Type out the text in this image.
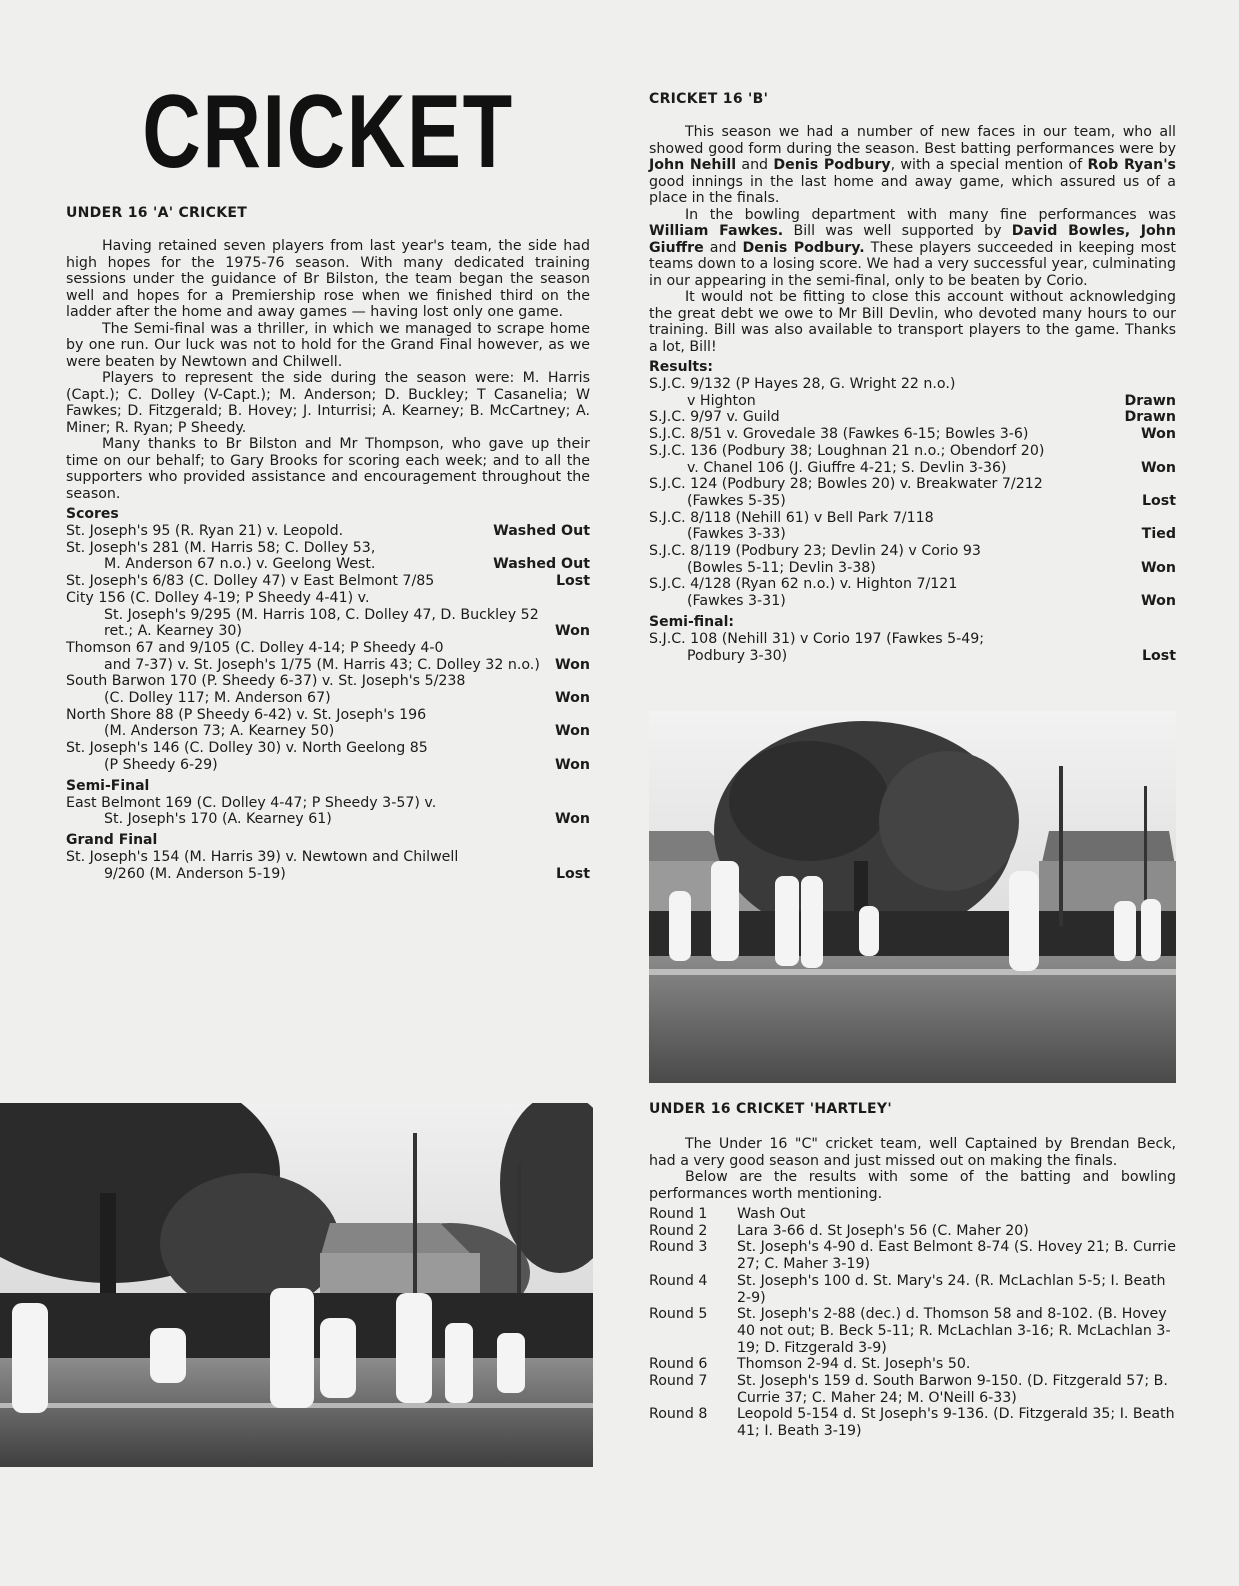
CRICKET
UNDER 16 'A' CRICKET

Having retained seven players from last year's team, the side had high hopes for the 1975-76 season. With many dedicated training sessions under the guidance of Br Bilston, the team began the season well and hopes for a Premiership rose when we finished third on the ladder after the home and away games — having lost only one game.

The Semi-final was a thriller, in which we managed to scrape home by one run. Our luck was not to hold for the Grand Final however, as we were beaten by Newtown and Chilwell.

Players to represent the side during the season were: M. Harris (Capt.); C. Dolley (V-Capt.); M. Anderson; D. Buckley; T Casanelia; W Fawkes; D. Fitzgerald; B. Hovey; J. Inturrisi; A. Kearney; B. McCartney; A. Miner; R. Ryan; P Sheedy.

Many thanks to Br Bilston and Mr Thompson, who gave up their time on our behalf; to Gary Brooks for scoring each week; and to all the supporters who provided assistance and encouragement throughout the season.

Scores
St. Joseph's 95 (R. Ryan 21) v. Leopold.	Washed Out
St. Joseph's 281 (M. Harris 58; C. Dolley 53,
M. Anderson 67 n.o.) v. Geelong West.	Washed Out
St. Joseph's 6/83 (C. Dolley 47) v East Belmont 7/85	Lost
City 156 (C. Dolley 4-19; P Sheedy 4-41) v.
St. Joseph's 9/295 (M. Harris 108, C. Dolley 47, D. Buckley 52 ret.; A. Kearney 30)	Won
Thomson 67 and 9/105 (C. Dolley 4-14; P Sheedy 4-0
and 7-37) v. St. Joseph's 1/75 (M. Harris 43; C. Dolley 32 n.o.)	Won
South Barwon 170 (P. Sheedy 6-37) v. St. Joseph's 5/238
(C. Dolley 117; M. Anderson 67)	Won
North Shore 88 (P Sheedy 6-42) v. St. Joseph's 196
(M. Anderson 73; A. Kearney 50)	Won
St. Joseph's 146 (C. Dolley 30) v. North Geelong 85
(P Sheedy 6-29)	Won
Semi-Final
East Belmont 169 (C. Dolley 4-47; P Sheedy 3-57) v.
St. Joseph's 170 (A. Kearney 61)	Won
Grand Final
St. Joseph's 154 (M. Harris 39) v. Newtown and Chilwell
9/260 (M. Anderson 5-19)	Lost
CRICKET 16 'B'

This season we had a number of new faces in our team, who all showed good form during the season. Best batting performances were by John Nehill and Denis Podbury, with a special mention of Rob Ryan's good innings in the last home and away game, which assured us of a place in the finals.

In the bowling department with many fine performances was William Fawkes. Bill was well supported by David Bowles, John Giuffre and Denis Podbury. These players succeeded in keeping most teams down to a losing score. We had a very successful year, culminating in our appearing in the semi-final, only to be beaten by Corio.

It would not be fitting to close this account without acknowledging the great debt we owe to Mr Bill Devlin, who devoted many hours to our training. Bill was also available to transport players to the game. Thanks a lot, Bill!

Results:
S.J.C. 9/132 (P Hayes 28, G. Wright 22 n.o.)
v Highton	Drawn
S.J.C. 9/97 v. Guild	Drawn
S.J.C. 8/51 v. Grovedale 38 (Fawkes 6-15; Bowles 3-6)	Won
S.J.C. 136 (Podbury 38; Loughnan 21 n.o.; Obendorf 20)
v. Chanel 106 (J. Giuffre 4-21; S. Devlin 3-36)	Won
S.J.C. 124 (Podbury 28; Bowles 20) v. Breakwater 7/212
(Fawkes 5-35)	Lost
S.J.C. 8/118 (Nehill 61) v Bell Park 7/118
(Fawkes 3-33)	Tied
S.J.C. 8/119 (Podbury 23; Devlin 24) v Corio 93
(Bowles 5-11; Devlin 3-38)	Won
S.J.C. 4/128 (Ryan 62 n.o.) v. Highton 7/121
(Fawkes 3-31)	Won
Semi-final:
S.J.C. 108 (Nehill 31) v Corio 197 (Fawkes 5-49;
Podbury 3-30)	Lost
UNDER 16 CRICKET 'HARTLEY'

The Under 16 "C" cricket team, well Captained by Brendan Beck, had a very good season and just missed out on making the finals.

Below are the results with some of the batting and bowling performances worth mentioning.

Round 1	Wash Out
Round 2	Lara 3-66 d. St Joseph's 56 (C. Maher 20)
Round 3	St. Joseph's 4-90 d. East Belmont 8-74 (S. Hovey 21; B. Currie 27; C. Maher 3-19)
Round 4	St. Joseph's 100 d. St. Mary's 24. (R. McLachlan 5-5; I. Beath 2-9)
Round 5	St. Joseph's 2-88 (dec.) d. Thomson 58 and 8-102. (B. Hovey 40 not out; B. Beck 5-11; R. McLachlan 3-16; R. McLachlan 3-19; D. Fitzgerald 3-9)
Round 6	Thomson 2-94 d. St. Joseph's 50.
Round 7	St. Joseph's 159 d. South Barwon 9-150. (D. Fitzgerald 57; B. Currie 37; C. Maher 24; M. O'Neill 6-33)
Round 8	Leopold 5-154 d. St Joseph's 9-136. (D. Fitzgerald 35; I. Beath 41; I. Beath 3-19)
